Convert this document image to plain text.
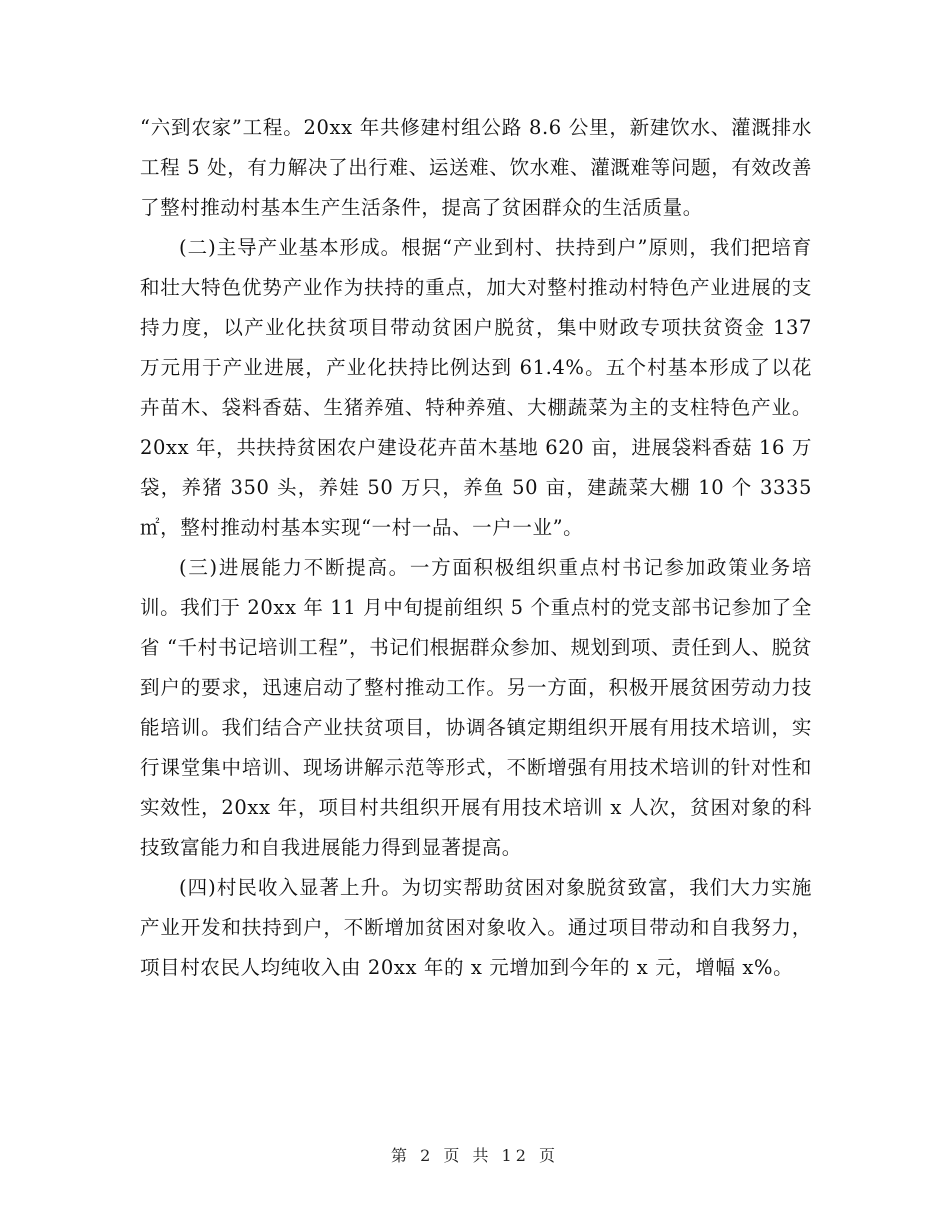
“六到农家”工程。20xx 年共修建村组公路 8.6 公里，新建饮水、灌溉排水工程 5 处，有力解决了出行难、运送难、饮水难、灌溉难等问题，有效改善了整村推动村基本生产生活条件，提高了贫困群众的生活质量。

(二)主导产业基本形成。根据“产业到村、扶持到户”原则，我们把培育和壮大特色优势产业作为扶持的重点，加大对整村推动村特色产业进展的支持力度，以产业化扶贫项目带动贫困户脱贫，集中财政专项扶贫资金 137 万元用于产业进展，产业化扶持比例达到 61.4%。五个村基本形成了以花卉苗木、袋料香菇、生猪养殖、特种养殖、大棚蔬菜为主的支柱特色产业。20xx 年，共扶持贫困农户建设花卉苗木基地 620 亩，进展袋料香菇 16 万袋，养猪 350 头，养娃 50 万只，养鱼 50 亩，建蔬菜大棚 10 个 3335㎡，整村推动村基本实现“一村一品、一户一业”。

(三)进展能力不断提高。一方面积极组织重点村书记参加政策业务培训。我们于 20xx 年 11 月中旬提前组织 5 个重点村的党支部书记参加了全省 “千村书记培训工程”，书记们根据群众参加、规划到项、责任到人、脱贫到户的要求，迅速启动了整村推动工作。另一方面，积极开展贫困劳动力技能培训。我们结合产业扶贫项目，协调各镇定期组织开展有用技术培训，实行课堂集中培训、现场讲解示范等形式，不断增强有用技术培训的针对性和实效性，20xx 年，项目村共组织开展有用技术培训 x 人次，贫困对象的科技致富能力和自我进展能力得到显著提高。

(四)村民收入显著上升。为切实帮助贫困对象脱贫致富，我们大力实施产业开发和扶持到户，不断增加贫困对象收入。通过项目带动和自我努力，项目村农民人均纯收入由 20xx 年的 x 元增加到今年的 x 元，增幅 x%。

第 2 页 共 12 页
